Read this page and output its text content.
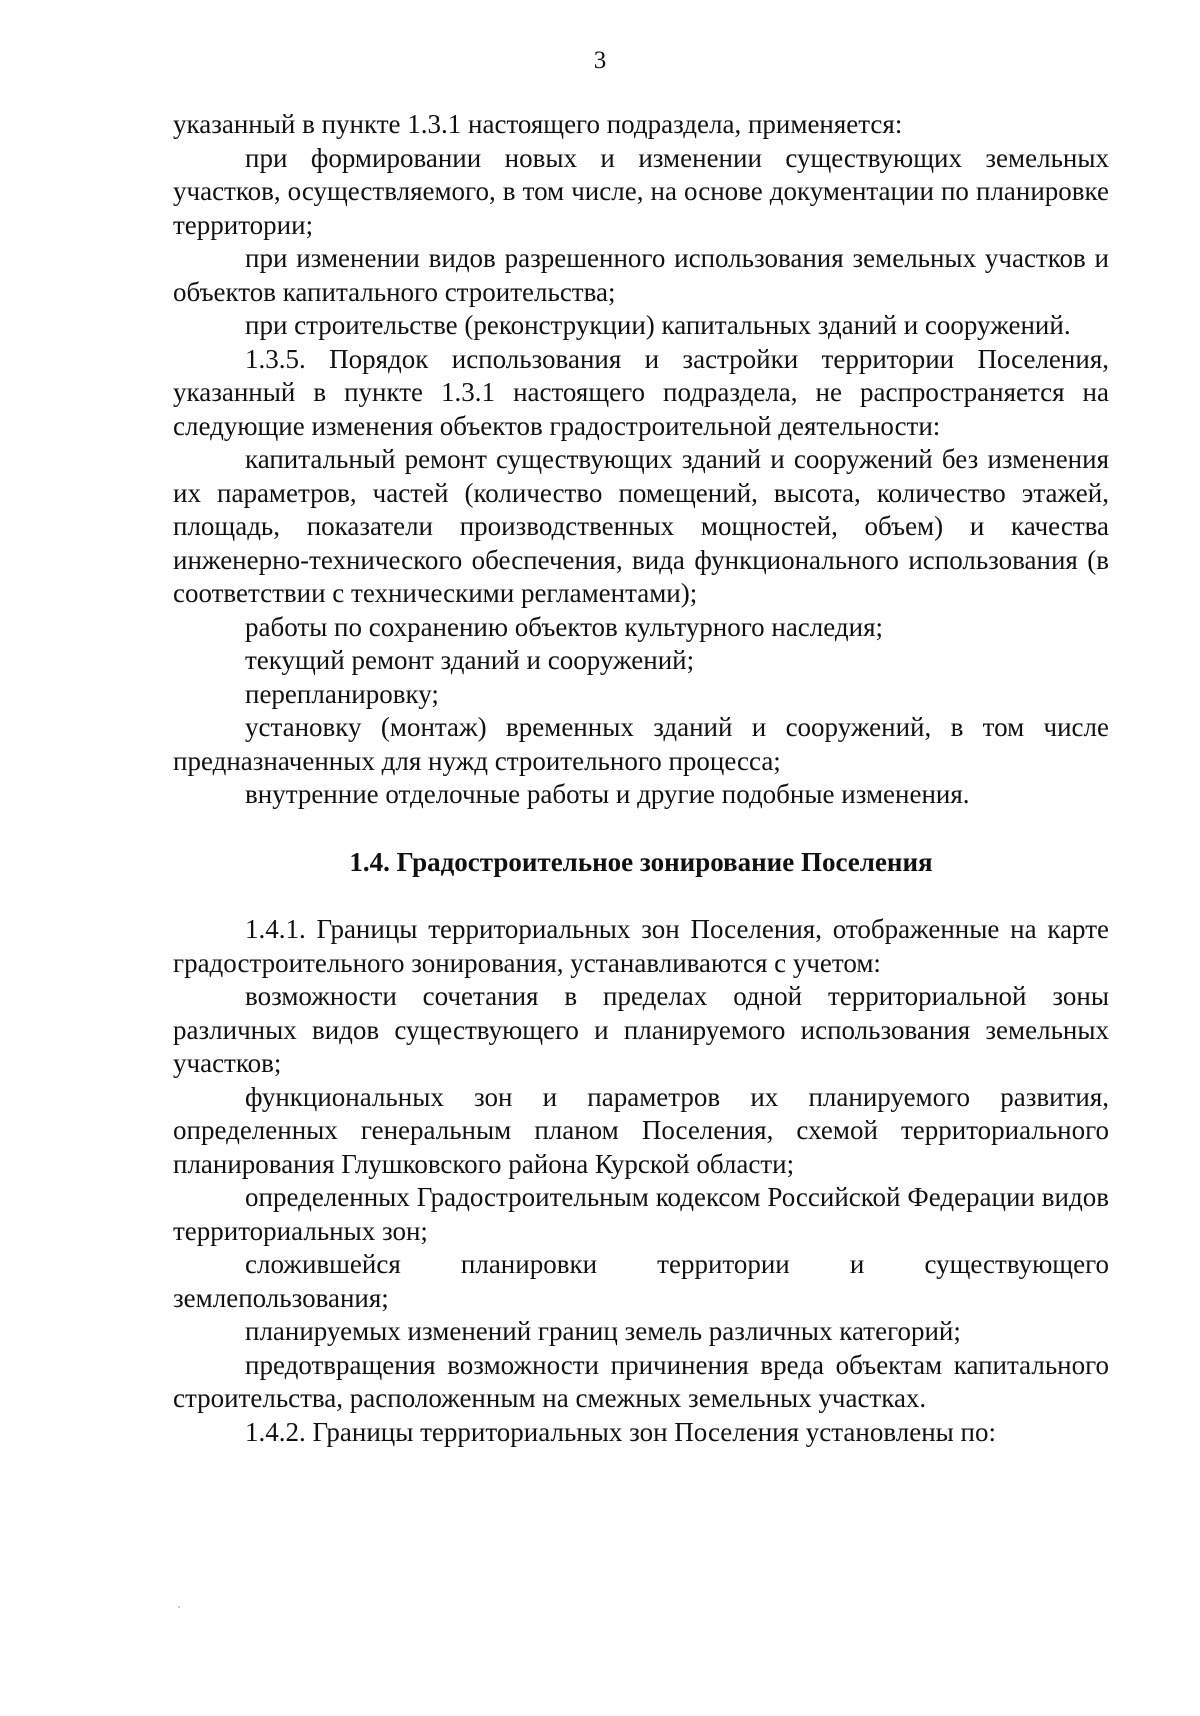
3

указанный в пункте 1.3.1 настоящего подраздела, применяется:

при формировании новых и изменении существующих земельных участков, осуществляемого, в том числе, на основе документации по планировке территории;

при изменении видов разрешенного использования земельных участков и объектов капитального строительства;

при строительстве (реконструкции) капитальных зданий и сооружений.

1.3.5. Порядок использования и застройки территории Поселения, указанный в пункте 1.3.1 настоящего подраздела, не распространяется на следующие изменения объектов градостроительной деятельности:

капитальный ремонт существующих зданий и сооружений без изменения их параметров, частей (количество помещений, высота, количество этажей, площадь, показатели производственных мощностей, объем) и качества инженерно-технического обеспечения, вида функционального использования (в соответствии с техническими регламентами);

работы по сохранению объектов культурного наследия;

текущий ремонт зданий и сооружений;

перепланировку;

установку (монтаж) временных зданий и сооружений, в том числе предназначенных для нужд строительного процесса;

внутренние отделочные работы и другие подобные изменения.

1.4. Градостроительное зонирование Поселения

1.4.1. Границы территориальных зон Поселения, отображенные на карте градостроительного зонирования, устанавливаются с учетом:

возможности сочетания в пределах одной территориальной зоны различных видов существующего и планируемого использования земельных участков;

функциональных зон и параметров их планируемого развития, определенных генеральным планом Поселения, схемой территориального планирования Глушковского района Курской области;

определенных Градостроительным кодексом Российской Федерации видов территориальных зон;

сложившейся планировки территории и существующего землепользования;

планируемых изменений границ земель различных категорий;

предотвращения возможности причинения вреда объектам капитального строительства, расположенным на смежных земельных участках.

1.4.2. Границы территориальных зон Поселения установлены по:
